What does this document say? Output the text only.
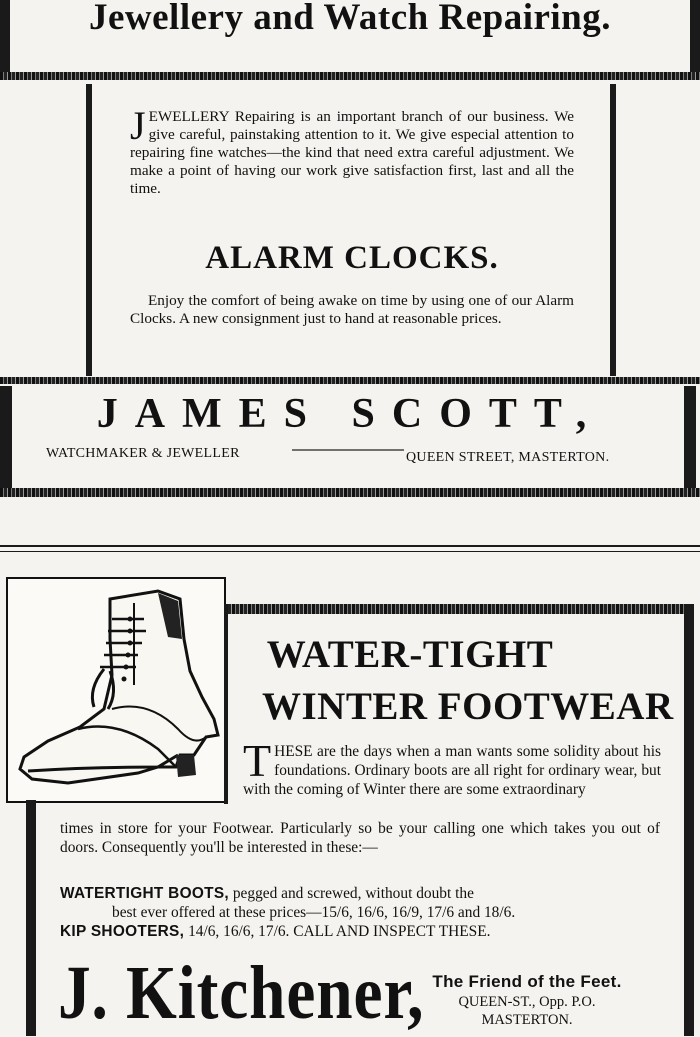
Jewellery and Watch Repairing.
JEWELLERY Repairing is an important branch of our business. We give careful, painstaking attention to it. We give especial attention to repairing fine watches—the kind that need extra careful adjustment. We make a point of having our work give satisfaction first, last and all the time.
ALARM CLOCKS.
Enjoy the comfort of being awake on time by using one of our Alarm Clocks. A new consignment just to hand at reasonable prices.
JAMES SCOTT,
WATCHMAKER & JEWELLER	QUEEN STREET, MASTERTON.
WATER-TIGHT
WINTER FOOTWEAR
THESE are the days when a man wants some solidity about his foundations. Ordinary boots are all right for ordinary wear, but with the coming of Winter there are some extraordinary
times in store for your Footwear. Particularly so be your calling one which takes you out of doors. Consequently you'll be interested in these:—
WATERTIGHT BOOTS, pegged and screwed, without doubt the
best ever offered at these prices—15/6, 16/6, 16/9, 17/6 and 18/6.
KIP SHOOTERS, 14/6, 16/6, 17/6. CALL AND INSPECT THESE.
J. Kitchener, The Friend of the Feet.
QUEEN-ST., Opp. P.O.
MASTERTON.
